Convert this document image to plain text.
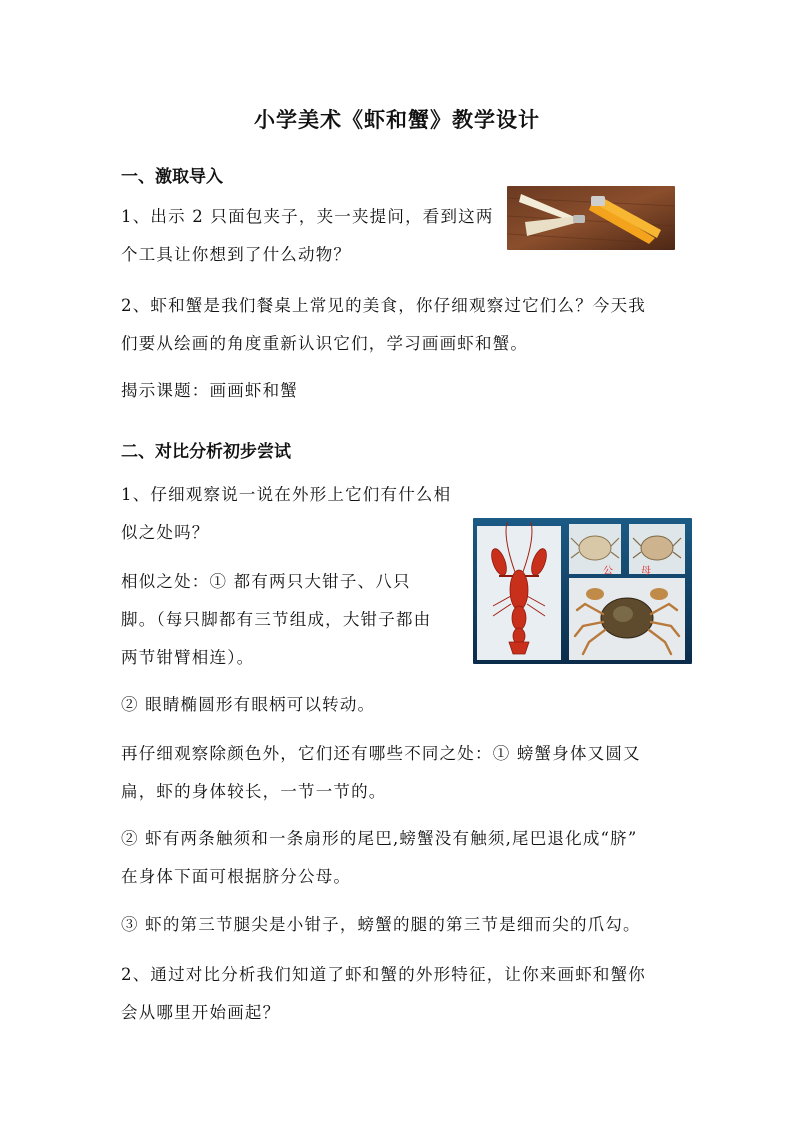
小学美术《虾和蟹》教学设计
一、激取导入

1、出示 2 只面包夹子，夹一夹提问，看到这两

个工具让你想到了什么动物？

2、虾和蟹是我们餐桌上常见的美食，你仔细观察过它们么？今天我

们要从绘画的角度重新认识它们，学习画画虾和蟹。

揭示课题：画画虾和蟹

二、对比分析初步尝试

1、仔细观察说一说在外形上它们有什么相

似之处吗？

公	母

相似之处：① 都有两只大钳子、八只

脚。（每只脚都有三节组成，大钳子都由

两节钳臂相连）。

② 眼睛椭圆形有眼柄可以转动。

再仔细观察除颜色外，它们还有哪些不同之处：① 螃蟹身体又圆又

扁，虾的身体较长，一节一节的。

② 虾有两条触须和一条扇形的尾巴,螃蟹没有触须,尾巴退化成“脐”

在身体下面可根据脐分公母。

③ 虾的第三节腿尖是小钳子，螃蟹的腿的第三节是细而尖的爪勾。

2、通过对比分析我们知道了虾和蟹的外形特征，让你来画虾和蟹你

会从哪里开始画起？
